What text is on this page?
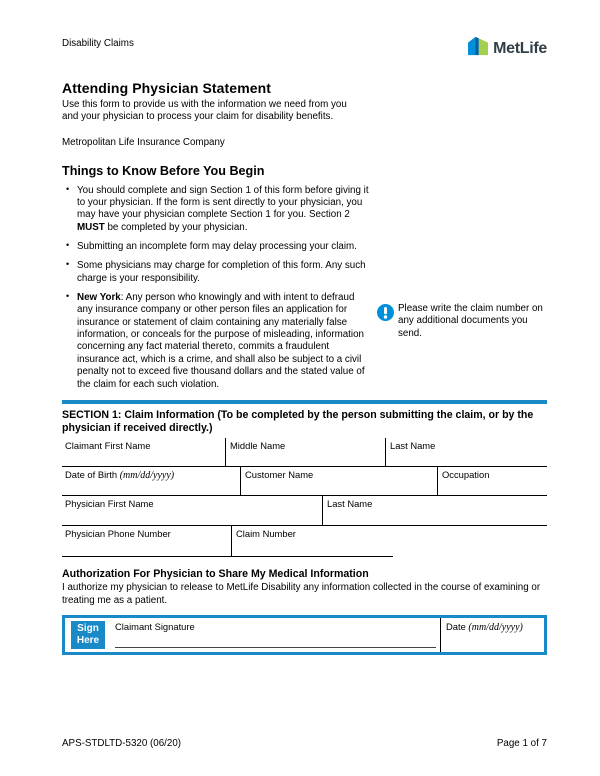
Disability Claims	MetLife
Attending Physician Statement

Use this form to provide us with the information we need from you
and your physician to process your claim for disability benefits.

Metropolitan Life Insurance Company

Things to Know Before You Begin
•
You should complete and sign Section 1 of this form before giving it to your physician. If the form is sent directly to your physician, you may have your physician complete Section 1 for you. Section 2 MUST be completed by your physician.
•
Submitting an incomplete form may delay processing your claim.
•
Some physicians may charge for completion of this form. Any such charge is your responsibility.
•
New York: Any person who knowingly and with intent to defraud any insurance company or other person files an application for insurance or statement of claim containing any materially false information, or conceals for the purpose of misleading, information concerning any fact material thereto, commits a fraudulent insurance act, which is a crime, and shall also be subject to a civil penalty not to exceed five thousand dollars and the stated value of the claim for each such violation.
SECTION 1: Claim Information (To be completed by the person submitting the claim, or by the physician if received directly.)
Claimant First Name	Middle Name	Last Name
Date of Birth (mm/dd/yyyy)	Customer Name	Occupation
Physician First Name	Last Name
Physician Phone Number	Claim Number
Authorization For Physician to Share My Medical Information

I authorize my physician to release to MetLife Disability any information collected in the course of examining or treating me as a patient.

Sign
Here
Claimant Signature	Date (mm/dd/yyyy)
Please write the claim number on any additional documents you send.
APS-STDLTD-5320 (06/20)	Page 1 of 7
